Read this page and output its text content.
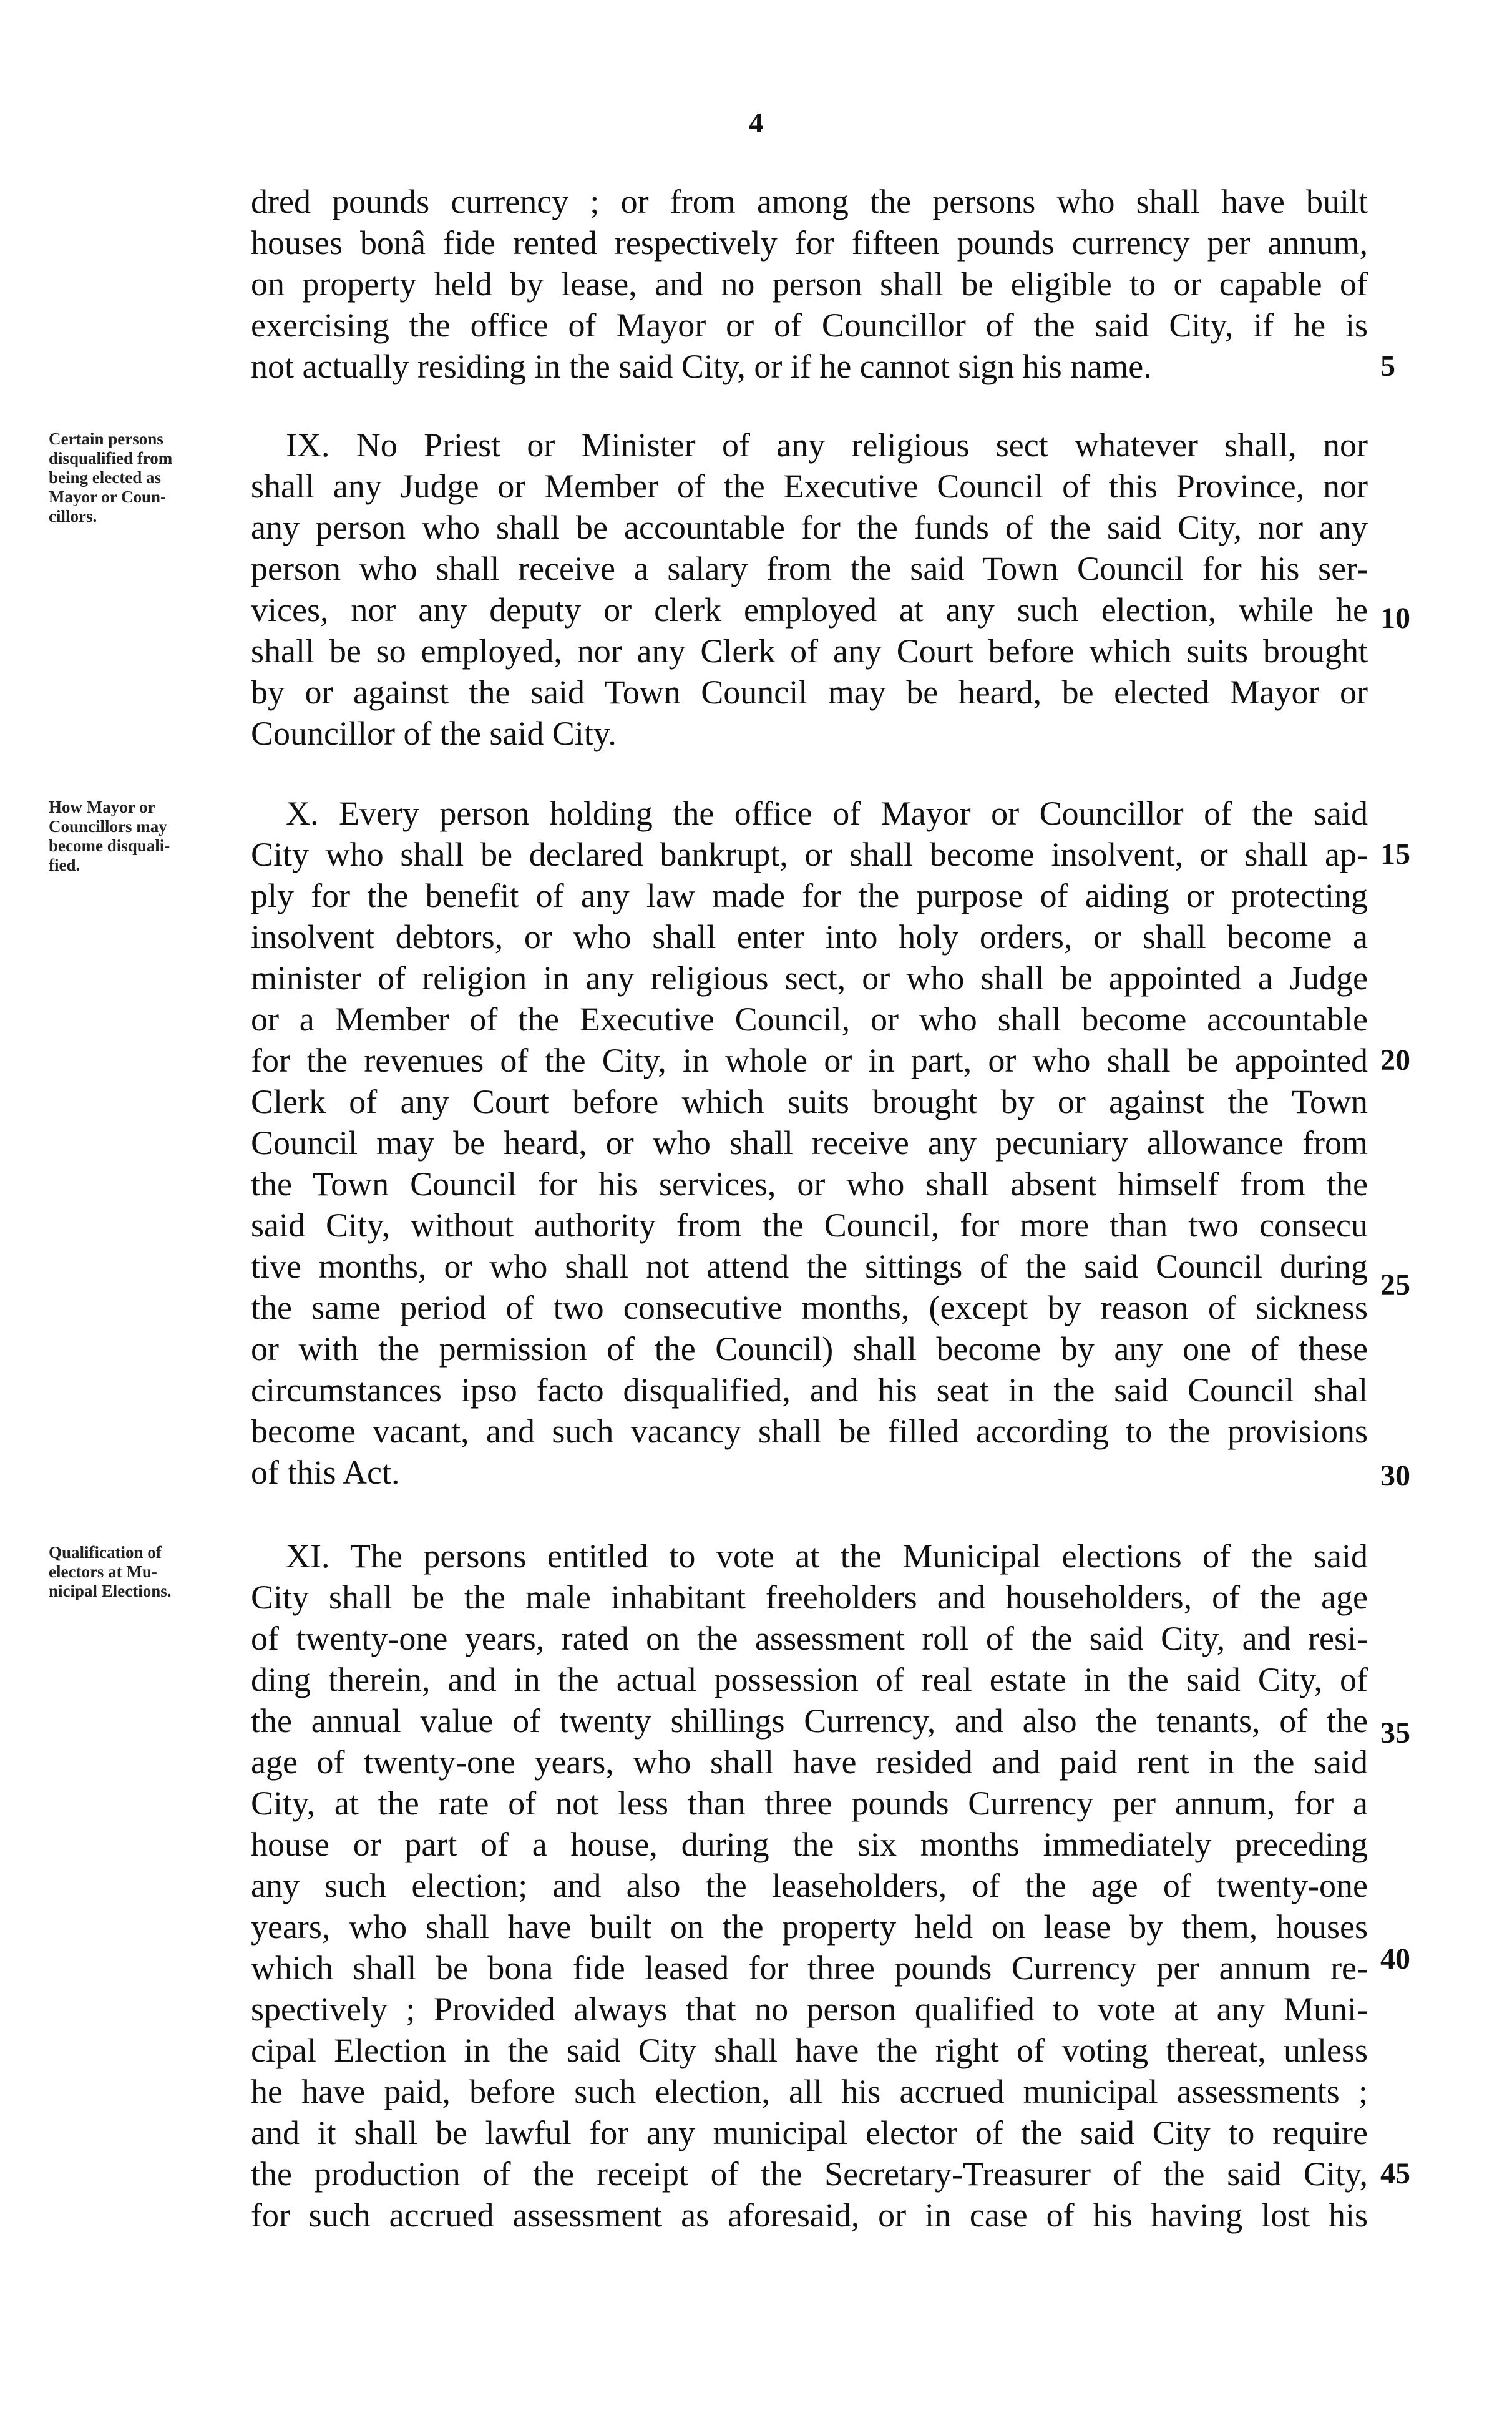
4
dred pounds currency ; or from among the persons who shall have built
houses bonâ fide rented respectively for fifteen pounds currency per annum,
on property held by lease, and no person shall be eligible to or capable of
exercising the office of Mayor or of Councillor of the said City, if he is
not actually residing in the said City, or if he cannot sign his name.	5
Certain persons
disqualified from
being elected as
Mayor or Coun-
cillors.
IX. No Priest or Minister of any religious sect whatever shall, nor
shall any Judge or Member of the Executive Council of this Province, nor
any person who shall be accountable for the funds of the said City, nor any
person who shall receive a salary from the said Town Council for his ser-
vices, nor any deputy or clerk employed at any such election, while he
shall be so employed, nor any Clerk of any Court before which suits brought
by or against the said Town Council may be heard, be elected Mayor or
Councillor of the said City.
10
How Mayor or
Councillors may
become disquali-
fied.
X. Every person holding the office of Mayor or Councillor of the said
City who shall be declared bankrupt, or shall become insolvent, or shall ap-
ply for the benefit of any law made for the purpose of aiding or protecting
insolvent debtors, or who shall enter into holy orders, or shall become a
minister of religion in any religious sect, or who shall be appointed a Judge
or a Member of the Executive Council, or who shall become accountable
for the revenues of the City, in whole or in part, or who shall be appointed
Clerk of any Court before which suits brought by or against the Town
Council may be heard, or who shall receive any pecuniary allowance from
the Town Council for his services, or who shall absent himself from the
said City, without authority from the Council, for more than two consecu
tive months, or who shall not attend the sittings of the said Council during
the same period of two consecutive months, (except by reason of sickness
or with the permission of the Council) shall become by any one of these
circumstances ipso facto disqualified, and his seat in the said Council shal
become vacant, and such vacancy shall be filled according to the provisions
of this Act.
15
20
25
30
Qualification of
electors at Mu-
nicipal Elections.
XI. The persons entitled to vote at the Municipal elections of the said
City shall be the male inhabitant freeholders and householders, of the age
of twenty-one years, rated on the assessment roll of the said City, and resi-
ding therein, and in the actual possession of real estate in the said City, of
the annual value of twenty shillings Currency, and also the tenants, of the
age of twenty-one years, who shall have resided and paid rent in the said
City, at the rate of not less than three pounds Currency per annum, for a
house or part of a house, during the six months immediately preceding
any such election; and also the leaseholders, of the age of twenty-one
years, who shall have built on the property held on lease by them, houses
which shall be bona fide leased for three pounds Currency per annum re-
spectively ; Provided always that no person qualified to vote at any Muni-
cipal Election in the said City shall have the right of voting thereat, unless
he have paid, before such election, all his accrued municipal assessments ;
and it shall be lawful for any municipal elector of the said City to require
the production of the receipt of the Secretary-Treasurer of the said City,
for such accrued assessment as aforesaid, or in case of his having lost his
35
40
45
